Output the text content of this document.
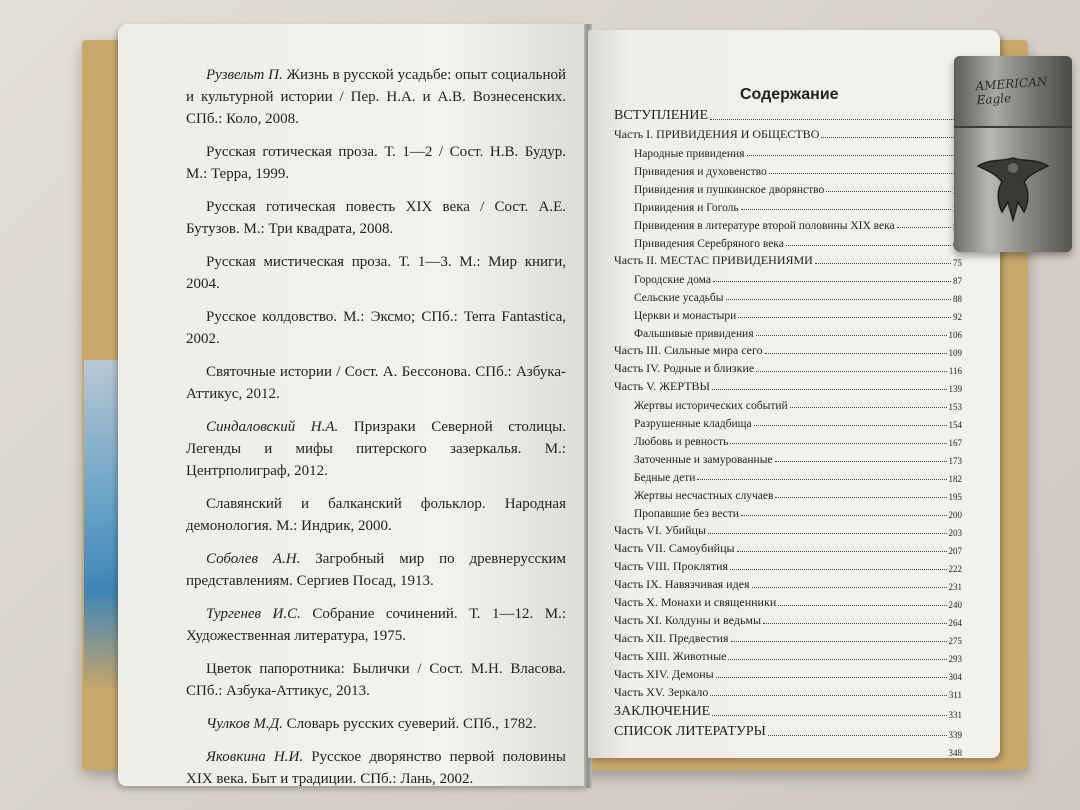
Рузвельт П. Жизнь в русской усадьбе: опыт социальной и культурной истории / Пер. Н.А. и А.В. Вознесенских. СПб.: Коло, 2008.
Русская готическая проза. Т. 1—2 / Сост. Н.В. Будур. М.: Терра, 1999.
Русская готическая повесть XIX века / Сост. А.Е. Бутузов. М.: Три квадрата, 2008.
Русская мистическая проза. Т. 1—3. М.: Мир книги, 2004.
Русское колдовство. М.: Эксмо; СПб.: Terra Fantastica, 2002.
Святочные истории / Сост. А. Бессонова. СПб.: Азбука-Аттикус, 2012.
Синдаловский Н.А. Призраки Северной столицы. Легенды и мифы питерского зазеркалья. М.: Центрполиграф, 2012.
Славянский и балканский фольклор. Народная демонология. М.: Индрик, 2000.
Соболев А.Н. Загробный мир по древнерусским представлениям. Сергиев Посад, 1913.
Тургенев И.С. Собрание сочинений. Т. 1—12. М.: Художественная литература, 1975.
Цветок папоротника: Былички / Сост. М.Н. Власова. СПб.: Азбука-Аттикус, 2013.
Чулков М.Д. Словарь русских суеверий. СПб., 1782.
Яковкина Н.И. Русское дворянство первой половины XIX века. Быт и традиции. СПб.: Лань, 2002.
Содержание
ВСТУПЛЕНИЕ
Часть I. ПРИВИДЕНИЯ И ОБЩЕСТВО
Народные привидения
Привидения и духовенство
Привидения и пушкинское дворянство
Привидения и Гоголь
Привидения в литературе второй половины XIX века
Привидения Серебряного века
Часть II. МЕСТАС ПРИВИДЕНИЯМИ	75
Городские дома	87
Сельские усадьбы	88
Церкви и монастыри	92
Фальшивые привидения	106
Часть III. Сильные мира сего	109
Часть IV. Родные и близкие	116
Часть V. ЖЕРТВЫ	139
Жертвы исторических событий	153
Разрушенные кладбища	154
Любовь и ревность	167
Заточенные и замурованные	173
Бедные дети	182
Жертвы несчастных случаев	195
Пропавшие без вести	200
Часть VI. Убийцы	203
Часть VII. Самоубийцы	207
Часть VIII. Проклятия	222
Часть IX. Навязчивая идея	231
Часть X. Монахи и священники	240
Часть XI. Колдуны и ведьмы	264
Часть XII. Предвестия	275
Часть XIII. Животные	293
Часть XIV. Демоны	304
Часть XV. Зеркало	311
ЗАКЛЮЧЕНИЕ	331
СПИСОК ЛИТЕРАТУРЫ	339
348
AMERICAN Eagle
